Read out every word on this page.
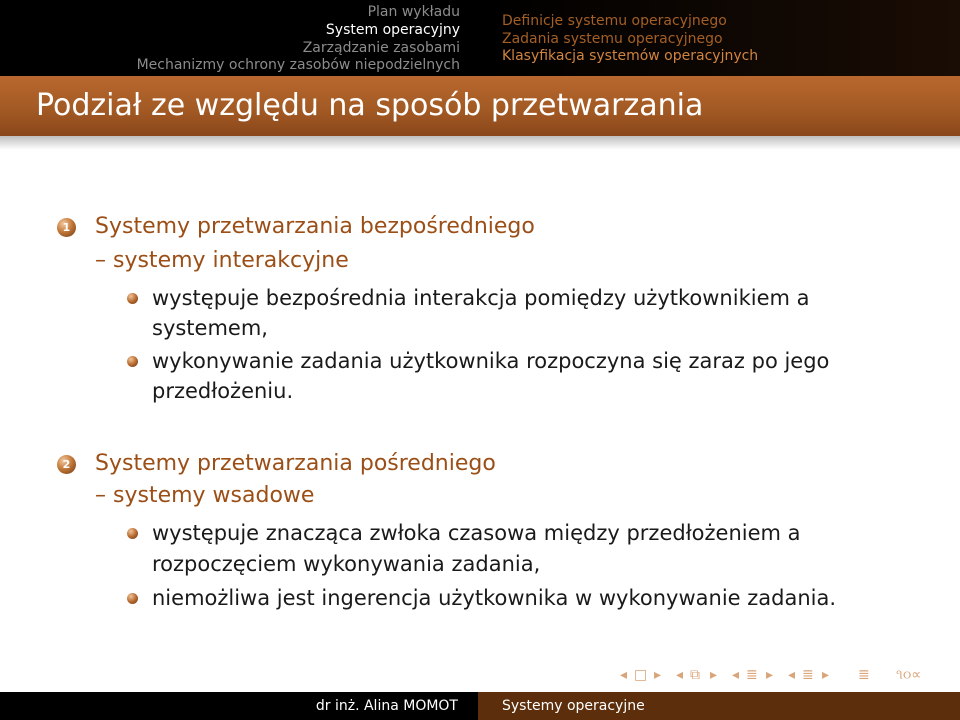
Plan wykładu
System operacyjny
Zarządzanie zasobami
Mechanizmy ochrony zasobów niepodzielnych
Definicje systemu operacyjnego
Zadania systemu operacyjnego
Klasyfikacja systemów operacyjnych
Podział ze względu na sposób przetwarzania
1 Systemy przetwarzania bezpośredniego
– systemy interakcyjne
występuje bezpośrednia interakcja pomiędzy użytkownikiem a
systemem,
wykonywanie zadania użytkownika rozpoczyna się zaraz po jego
przedłożeniu.
2 Systemy przetwarzania pośredniego
– systemy wsadowe
występuje znacząca zwłoka czasowa między przedłożeniem a
rozpoczęciem wykonywania zadania,
niemożliwa jest ingerencja użytkownika w wykonywanie zadania.
◂ □ ▸ ◂ ⧉ ▸ ◂ ≣ ▸ ◂ ≣ ▸ ≣ ૧૦∝
dr inż. Alina MOMOT	Systemy operacyjne
